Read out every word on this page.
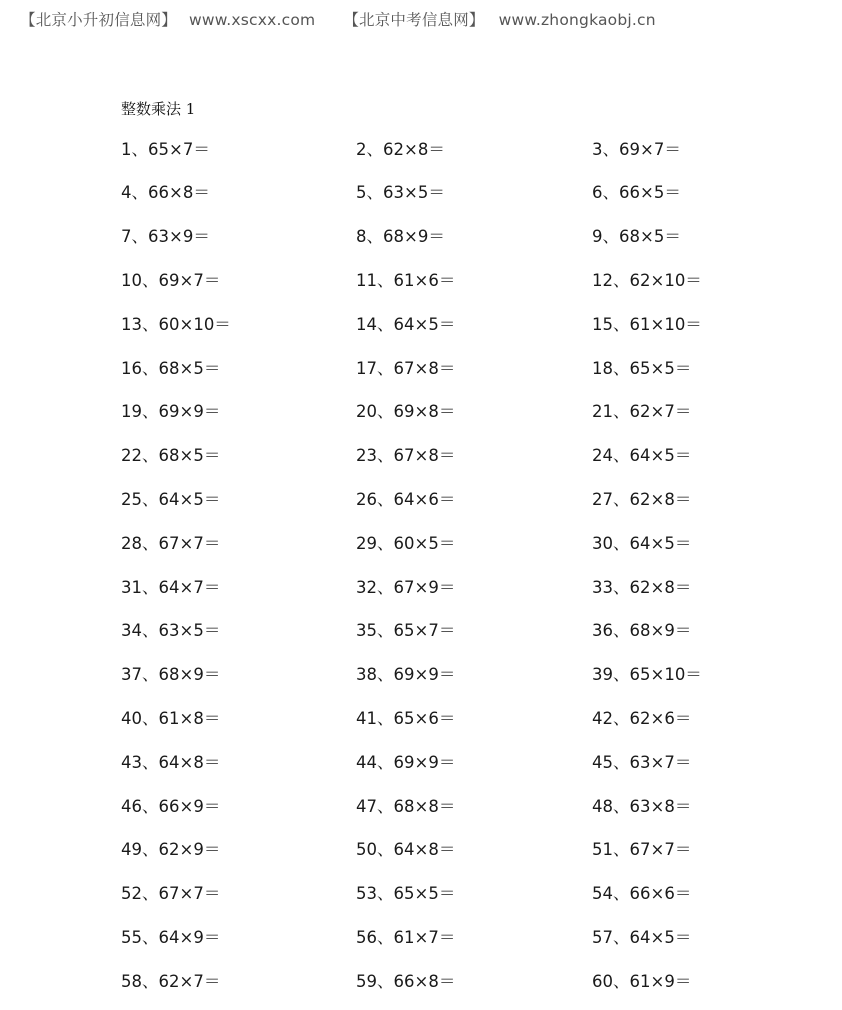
【北京小升初信息网】 www.xscxx.com 【北京中考信息网】 www.zhongkaobj.cn
整数乘法 1
1、65×7＝	2、62×8＝	3、69×7＝
4、66×8＝	5、63×5＝	6、66×5＝
7、63×9＝	8、68×9＝	9、68×5＝
10、69×7＝	11、61×6＝	12、62×10＝
13、60×10＝	14、64×5＝	15、61×10＝
16、68×5＝	17、67×8＝	18、65×5＝
19、69×9＝	20、69×8＝	21、62×7＝
22、68×5＝	23、67×8＝	24、64×5＝
25、64×5＝	26、64×6＝	27、62×8＝
28、67×7＝	29、60×5＝	30、64×5＝
31、64×7＝	32、67×9＝	33、62×8＝
34、63×5＝	35、65×7＝	36、68×9＝
37、68×9＝	38、69×9＝	39、65×10＝
40、61×8＝	41、65×6＝	42、62×6＝
43、64×8＝	44、69×9＝	45、63×7＝
46、66×9＝	47、68×8＝	48、63×8＝
49、62×9＝	50、64×8＝	51、67×7＝
52、67×7＝	53、65×5＝	54、66×6＝
55、64×9＝	56、61×7＝	57、64×5＝
58、62×7＝	59、66×8＝	60、61×9＝
